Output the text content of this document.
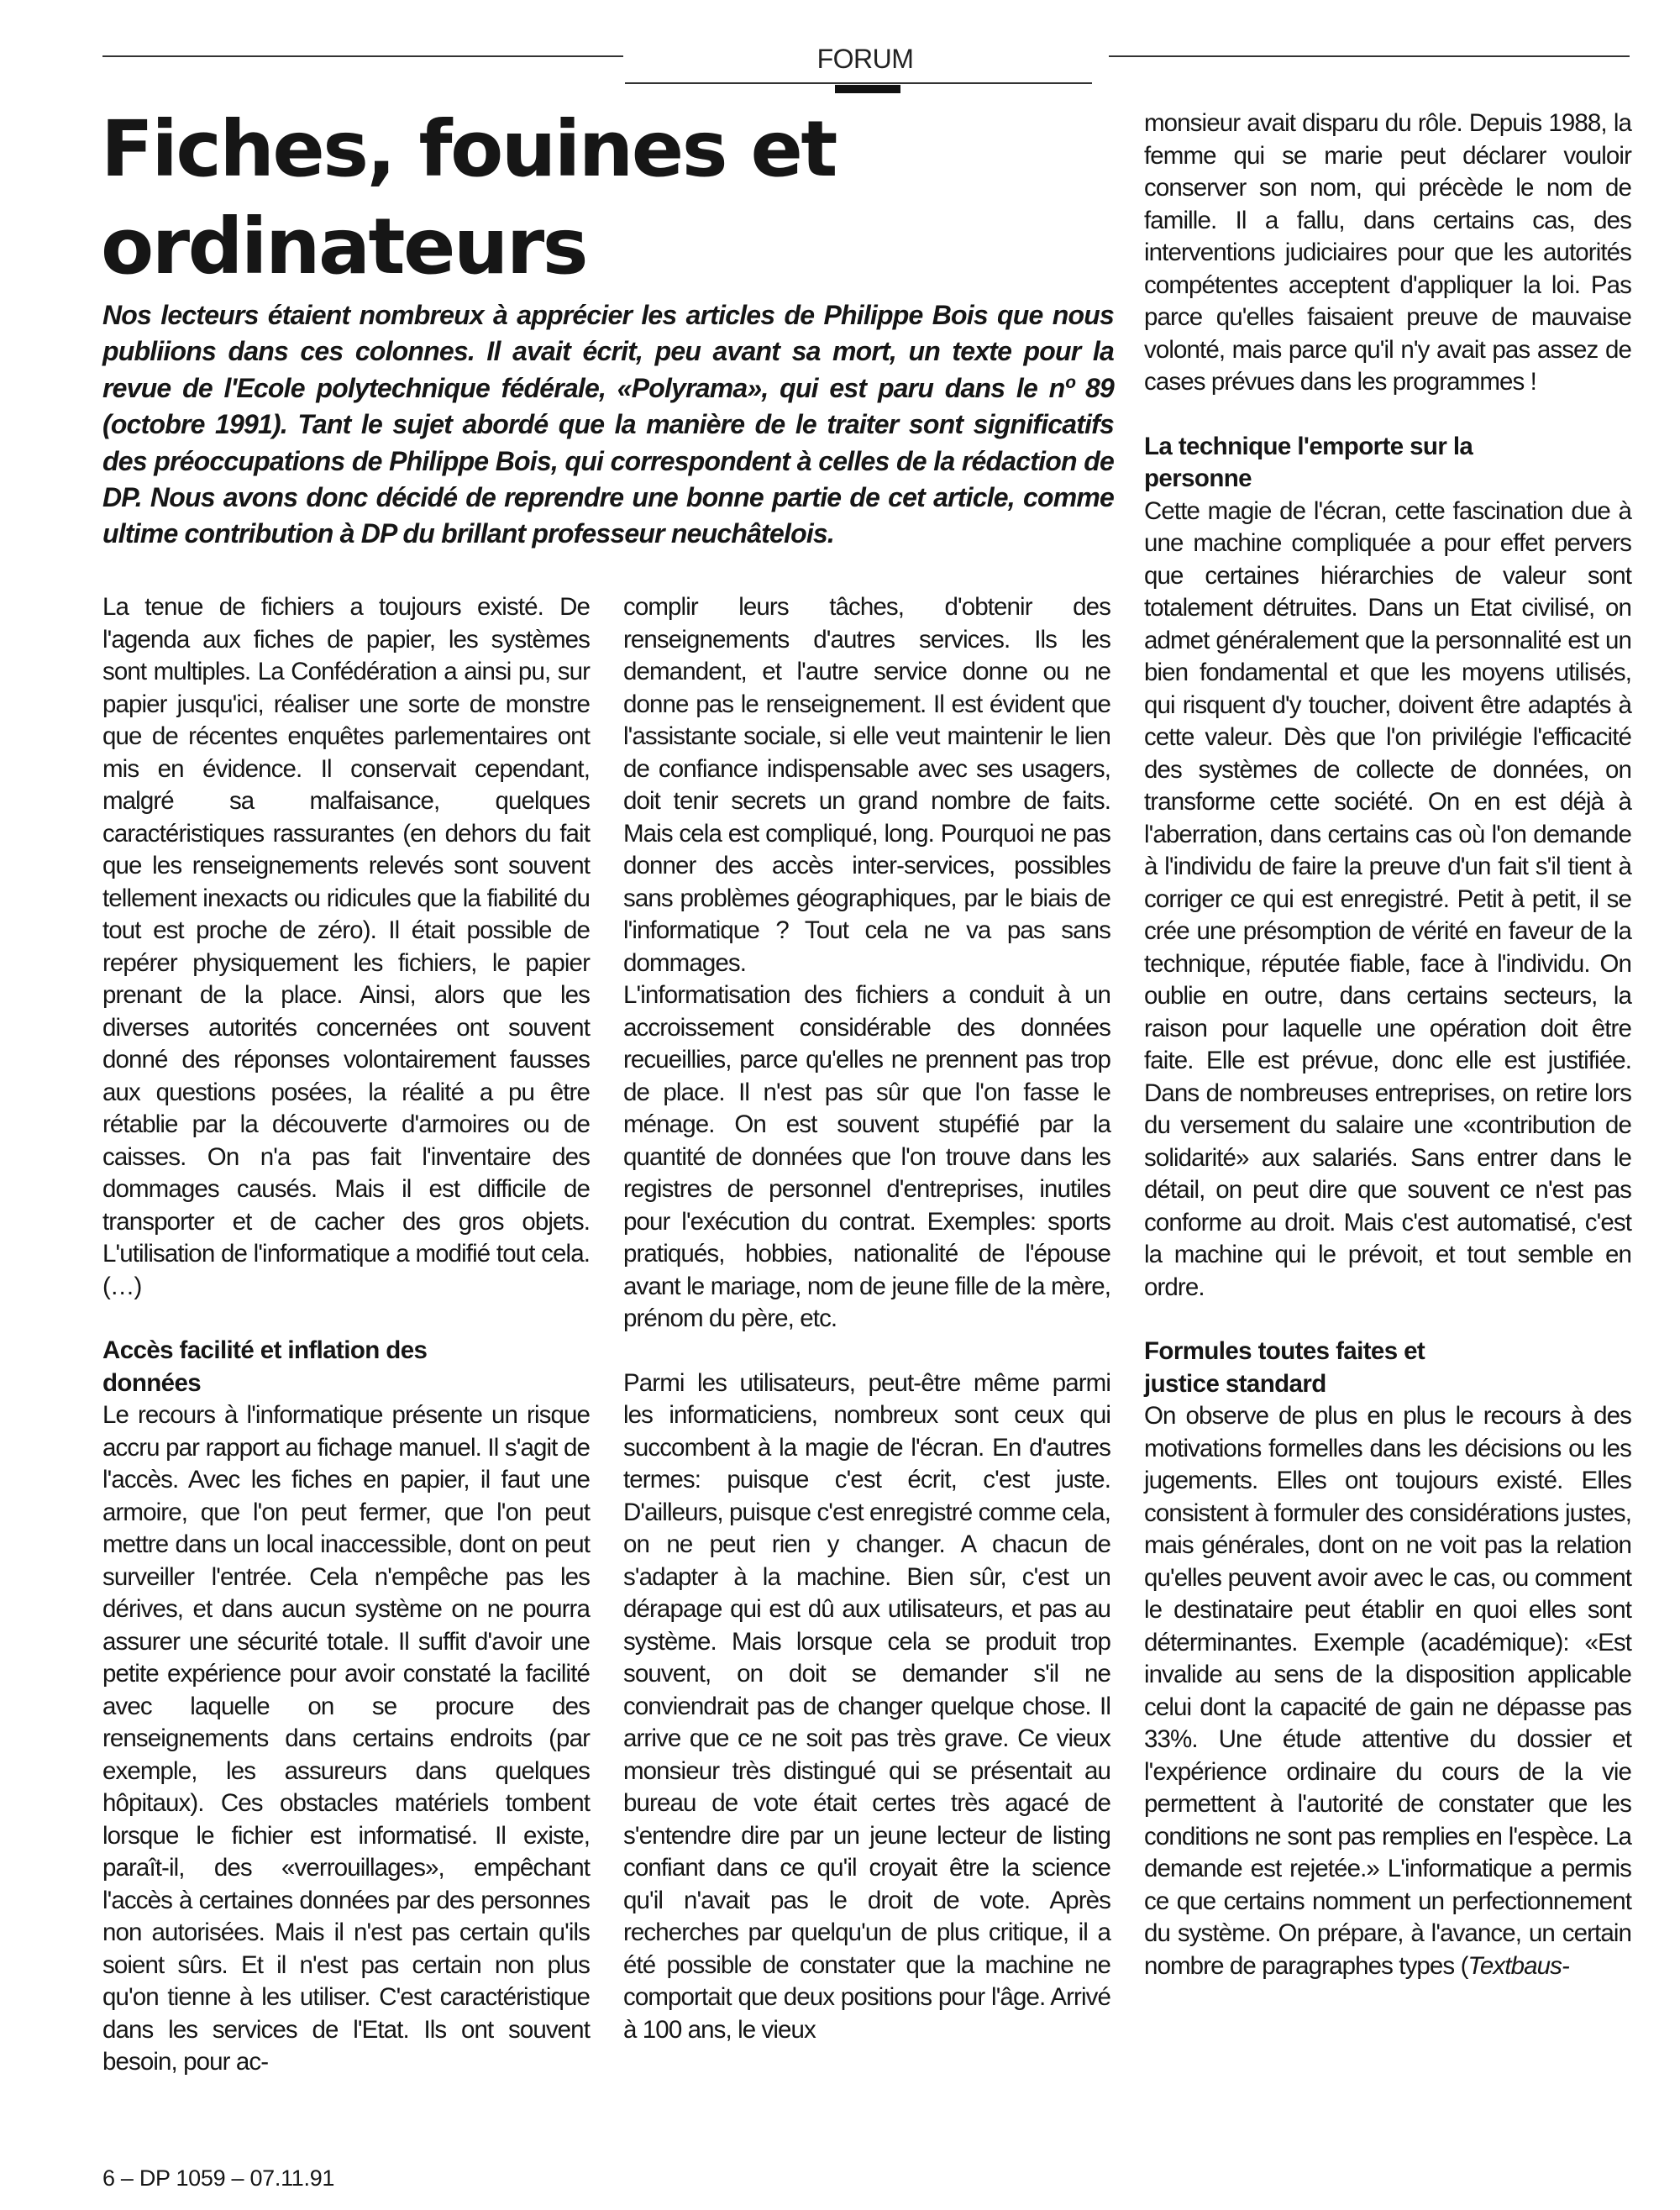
FORUM
Fiches, fouines et ordinateurs

Nos lecteurs étaient nombreux à apprécier les articles de Philippe Bois que nous publiions dans ces colonnes. Il avait écrit, peu avant sa mort, un texte pour la revue de l'Ecole polytechnique fédérale, «Polyrama», qui est paru dans le nº 89 (octobre 1991). Tant le sujet abordé que la manière de le traiter sont significatifs des préoccupations de Philippe Bois, qui correspondent à celles de la rédaction de DP. Nous avons donc décidé de reprendre une bonne partie de cet article, comme ultime contribution à DP du brillant professeur neuchâtelois.

La tenue de fichiers a toujours existé. De l'agenda aux fiches de papier, les systèmes sont multiples. La Confédération a ainsi pu, sur papier jusqu'ici, réaliser une sorte de monstre que de récentes enquêtes parlementaires ont mis en évidence. Il conservait cependant, malgré sa malfaisance, quelques caractéristiques rassurantes (en dehors du fait que les renseignements relevés sont souvent tellement inexacts ou ridicules que la fiabilité du tout est proche de zéro). Il était possible de repérer physiquement les fichiers, le papier prenant de la place. Ainsi, alors que les diverses autorités concernées ont souvent donné des réponses volontairement fausses aux questions posées, la réalité a pu être rétablie par la découverte d'armoires ou de caisses. On n'a pas fait l'inventaire des dommages causés. Mais il est difficile de transporter et de cacher des gros objets. L'utilisation de l'informatique a modifié tout cela. (…)

Accès facilité et inflation des données

Le recours à l'informatique présente un risque accru par rapport au fichage manuel. Il s'agit de l'accès. Avec les fiches en papier, il faut une armoire, que l'on peut fermer, que l'on peut mettre dans un local inaccessible, dont on peut surveiller l'entrée. Cela n'empêche pas les dérives, et dans aucun système on ne pourra assurer une sécurité totale. Il suffit d'avoir une petite expérience pour avoir constaté la facilité avec laquelle on se procure des renseignements dans certains endroits (par exemple, les assureurs dans quelques hôpitaux). Ces obstacles matériels tombent lorsque le fichier est informatisé. Il existe, paraît-il, des «verrouillages», empêchant l'accès à certaines données par des personnes non autorisées. Mais il n'est pas certain qu'ils soient sûrs. Et il n'est pas certain non plus qu'on tienne à les utiliser. C'est caractéristique dans les services de l'Etat. Ils ont souvent besoin, pour ac-

complir leurs tâches, d'obtenir des renseignements d'autres services. Ils les demandent, et l'autre service donne ou ne donne pas le renseignement. Il est évident que l'assistante sociale, si elle veut maintenir le lien de confiance indispensable avec ses usagers, doit tenir secrets un grand nombre de faits. Mais cela est compliqué, long. Pourquoi ne pas donner des accès inter-services, possibles sans problèmes géographiques, par le biais de l'informatique ? Tout cela ne va pas sans dommages.

L'informatisation des fichiers a conduit à un accroissement considérable des données recueillies, parce qu'elles ne prennent pas trop de place. Il n'est pas sûr que l'on fasse le ménage. On est souvent stupéfié par la quantité de données que l'on trouve dans les registres de personnel d'entreprises, inutiles pour l'exécution du contrat. Exemples: sports pratiqués, hobbies, nationalité de l'épouse avant le mariage, nom de jeune fille de la mère, prénom du père, etc.

Parmi les utilisateurs, peut-être même parmi les informaticiens, nombreux sont ceux qui succombent à la magie de l'écran. En d'autres termes: puisque c'est écrit, c'est juste. D'ailleurs, puisque c'est enregistré comme cela, on ne peut rien y changer. A chacun de s'adapter à la machine. Bien sûr, c'est un dérapage qui est dû aux utilisateurs, et pas au système. Mais lorsque cela se produit trop souvent, on doit se demander s'il ne conviendrait pas de changer quelque chose. Il arrive que ce ne soit pas très grave. Ce vieux monsieur très distingué qui se présentait au bureau de vote était certes très agacé de s'entendre dire par un jeune lecteur de listing confiant dans ce qu'il croyait être la science qu'il n'avait pas le droit de vote. Après recherches par quelqu'un de plus critique, il a été possible de constater que la machine ne comportait que deux positions pour l'âge. Arrivé à 100 ans, le vieux

monsieur avait disparu du rôle. Depuis 1988, la femme qui se marie peut déclarer vouloir conserver son nom, qui précède le nom de famille. Il a fallu, dans certains cas, des interventions judiciaires pour que les autorités compétentes acceptent d'appliquer la loi. Pas parce qu'elles faisaient preuve de mauvaise volonté, mais parce qu'il n'y avait pas assez de cases prévues dans les programmes !

La technique l'emporte sur la personne

Cette magie de l'écran, cette fascination due à une machine compliquée a pour effet pervers que certaines hiérarchies de valeur sont totalement détruites. Dans un Etat civilisé, on admet généralement que la personnalité est un bien fondamental et que les moyens utilisés, qui risquent d'y toucher, doivent être adaptés à cette valeur. Dès que l'on privilégie l'efficacité des systèmes de collecte de données, on transforme cette société. On en est déjà à l'aberration, dans certains cas où l'on demande à l'individu de faire la preuve d'un fait s'il tient à corriger ce qui est enregistré. Petit à petit, il se crée une présomption de vérité en faveur de la technique, réputée fiable, face à l'individu. On oublie en outre, dans certains secteurs, la raison pour laquelle une opération doit être faite. Elle est prévue, donc elle est justifiée. Dans de nombreuses entreprises, on retire lors du versement du salaire une «contribution de solidarité» aux salariés. Sans entrer dans le détail, on peut dire que souvent ce n'est pas conforme au droit. Mais c'est automatisé, c'est la machine qui le prévoit, et tout semble en ordre.

Formules toutes faites et justice standard

On observe de plus en plus le recours à des motivations formelles dans les décisions ou les jugements. Elles ont toujours existé. Elles consistent à formuler des considérations justes, mais générales, dont on ne voit pas la relation qu'elles peuvent avoir avec le cas, ou comment le destinataire peut établir en quoi elles sont déterminantes. Exemple (académique): «Est invalide au sens de la disposition applicable celui dont la capacité de gain ne dépasse pas 33%. Une étude attentive du dossier et l'expérience ordinaire du cours de la vie permettent à l'autorité de constater que les conditions ne sont pas remplies en l'espèce. La demande est rejetée.» L'informatique a permis ce que certains nomment un perfectionnement du système. On prépare, à l'avance, un certain nombre de paragraphes types (Textbaus-

6 – DP 1059 – 07.11.91
